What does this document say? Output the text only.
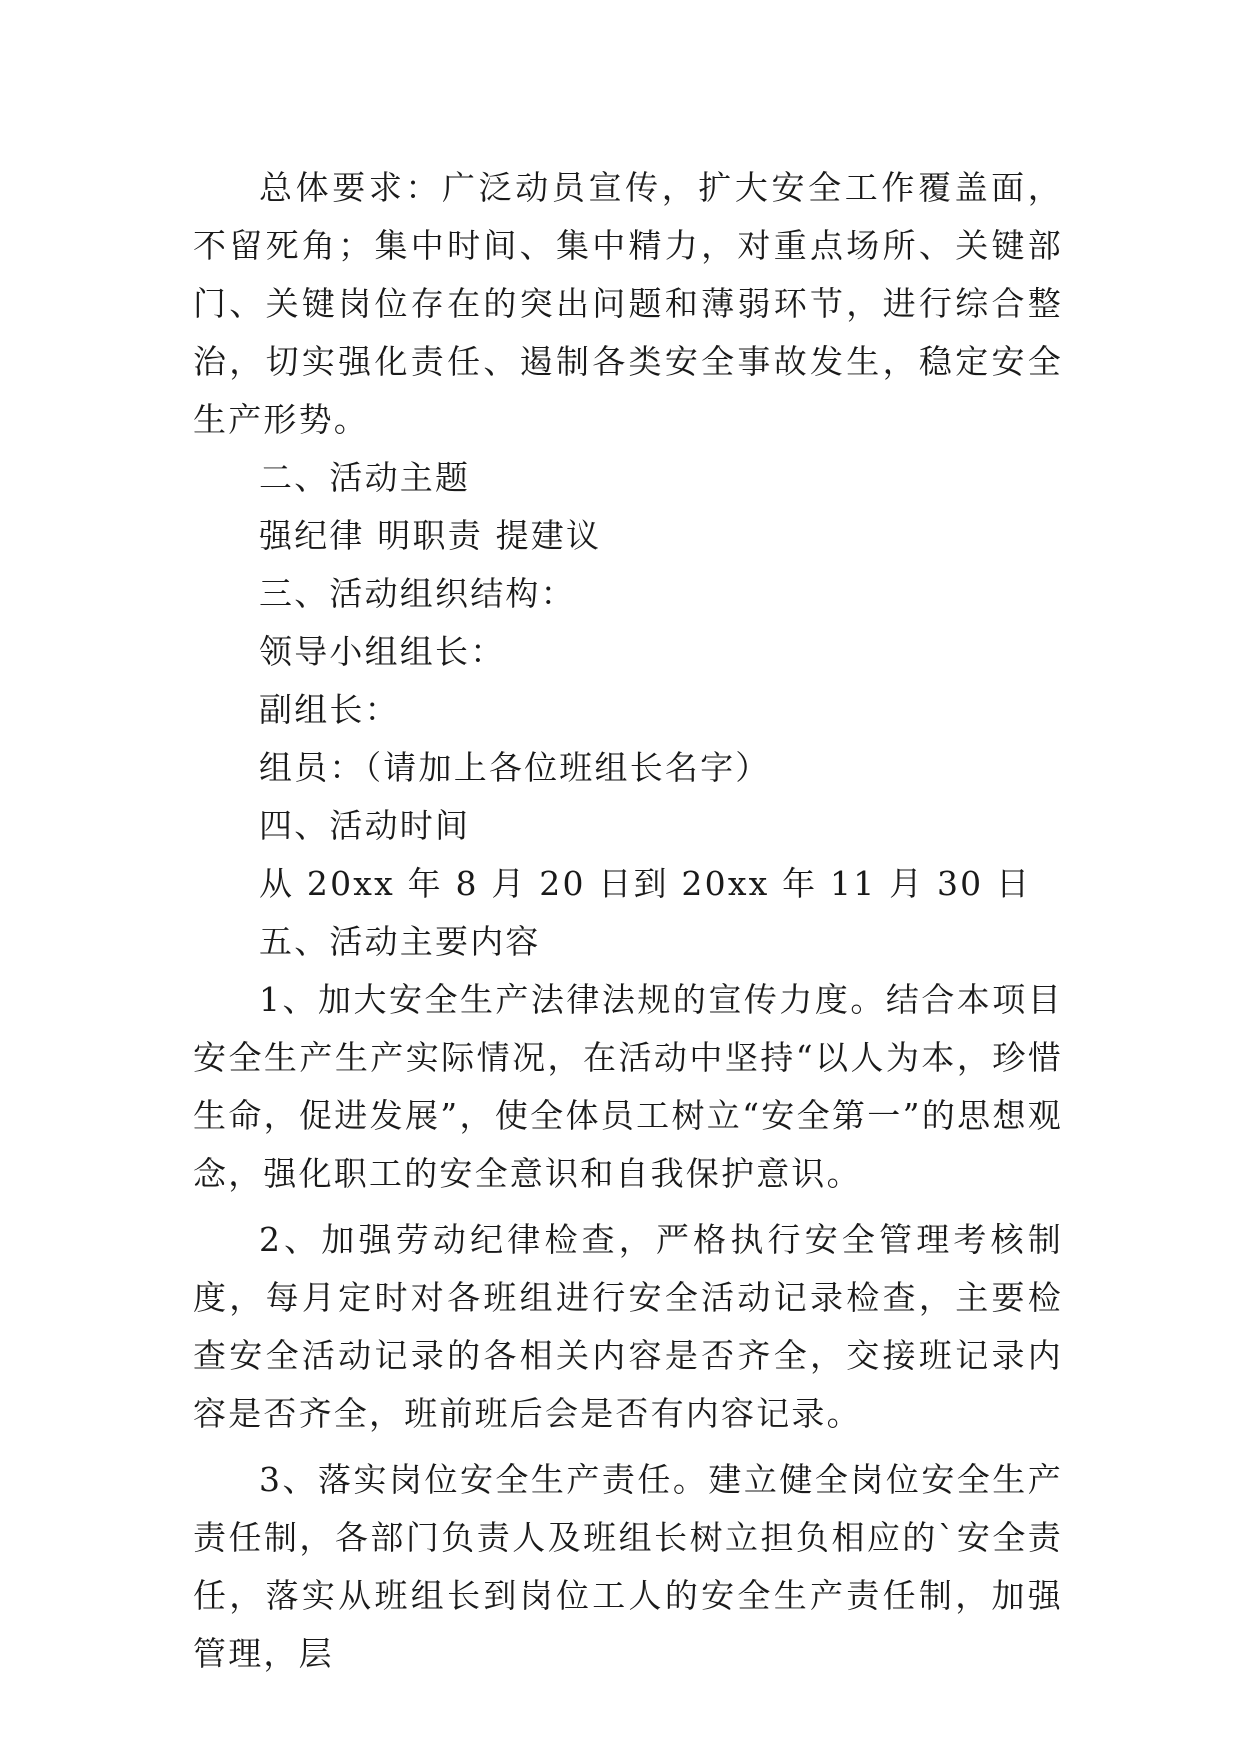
总体要求：广泛动员宣传，扩大安全工作覆盖面，不留死角；集中时间、集中精力，对重点场所、关键部门、关键岗位存在的突出问题和薄弱环节，进行综合整治，切实强化责任、遏制各类安全事故发生，稳定安全生产形势。

二、活动主题

强纪律 明职责 提建议

三、活动组织结构：

领导小组组长：

副组长：

组员：（请加上各位班组长名字）

四、活动时间

从 20xx 年 8 月 20 日到 20xx 年 11 月 30 日

五、活动主要内容

1、加大安全生产法律法规的宣传力度。结合本项目安全生产生产实际情况，在活动中坚持“以人为本，珍惜生命，促进发展”，使全体员工树立“安全第一”的思想观念，强化职工的安全意识和自我保护意识。

2、加强劳动纪律检查，严格执行安全管理考核制度，每月定时对各班组进行安全活动记录检查，主要检查安全活动记录的各相关内容是否齐全，交接班记录内容是否齐全，班前班后会是否有内容记录。

3、落实岗位安全生产责任。建立健全岗位安全生产责任制，各部门负责人及班组长树立担负相应的`安全责任，落实从班组长到岗位工人的安全生产责任制，加强管理，层
